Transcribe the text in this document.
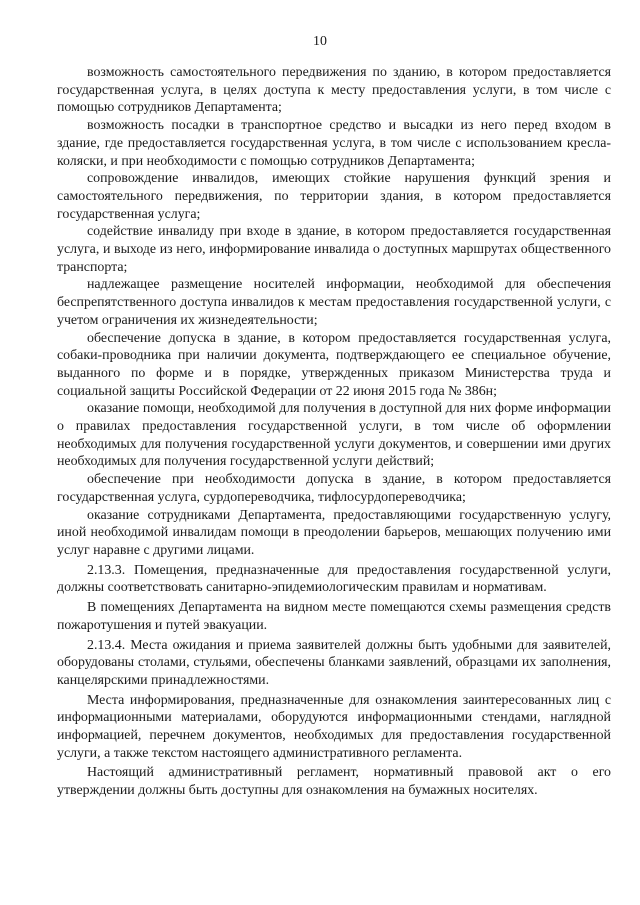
10

возможность самостоятельного передвижения по зданию, в котором предоставляется государственная услуга, в целях доступа к месту предоставления услуги, в том числе с помощью сотрудников Департамента;

возможность посадки в транспортное средство и высадки из него перед входом в здание, где предоставляется государственная услуга, в том числе с использованием кресла-коляски, и при необходимости с помощью сотрудников Департамента;

сопровождение инвалидов, имеющих стойкие нарушения функций зрения и самостоятельного передвижения, по территории здания, в котором предоставляется государственная услуга;

содействие инвалиду при входе в здание, в котором предоставляется государственная услуга, и выходе из него, информирование инвалида о доступных маршрутах общественного транспорта;

надлежащее размещение носителей информации, необходимой для обеспечения беспрепятственного доступа инвалидов к местам предоставления государственной услуги, с учетом ограничения их жизнедеятельности;

обеспечение допуска в здание, в котором предоставляется государственная услуга, собаки-проводника при наличии документа, подтверждающего ее специальное обучение, выданного по форме и в порядке, утвержденных приказом Министерства труда и социальной защиты Российской Федерации от 22 июня 2015 года № 386н;

оказание помощи, необходимой для получения в доступной для них форме информации о правилах предоставления государственной услуги, в том числе об оформлении необходимых для получения государственной услуги документов, и совершении ими других необходимых для получения государственной услуги действий;

обеспечение при необходимости допуска в здание, в котором предоставляется государственная услуга, сурдопереводчика, тифлосурдопереводчика;

оказание сотрудниками Департамента, предоставляющими государственную услугу, иной необходимой инвалидам помощи в преодолении барьеров, мешающих получению ими услуг наравне с другими лицами.

2.13.3. Помещения, предназначенные для предоставления государственной услуги, должны соответствовать санитарно-эпидемиологическим правилам и нормативам.

В помещениях Департамента на видном месте помещаются схемы размещения средств пожаротушения и путей эвакуации.

2.13.4. Места ожидания и приема заявителей должны быть удобными для заявителей, оборудованы столами, стульями, обеспечены бланками заявлений, образцами их заполнения, канцелярскими принадлежностями.

Места информирования, предназначенные для ознакомления заинтересованных лиц с информационными материалами, оборудуются информационными стендами, наглядной информацией, перечнем документов, необходимых для предоставления государственной услуги, а также текстом настоящего административного регламента.

Настоящий административный регламент, нормативный правовой акт о его утверждении должны быть доступны для ознакомления на бумажных носителях.
